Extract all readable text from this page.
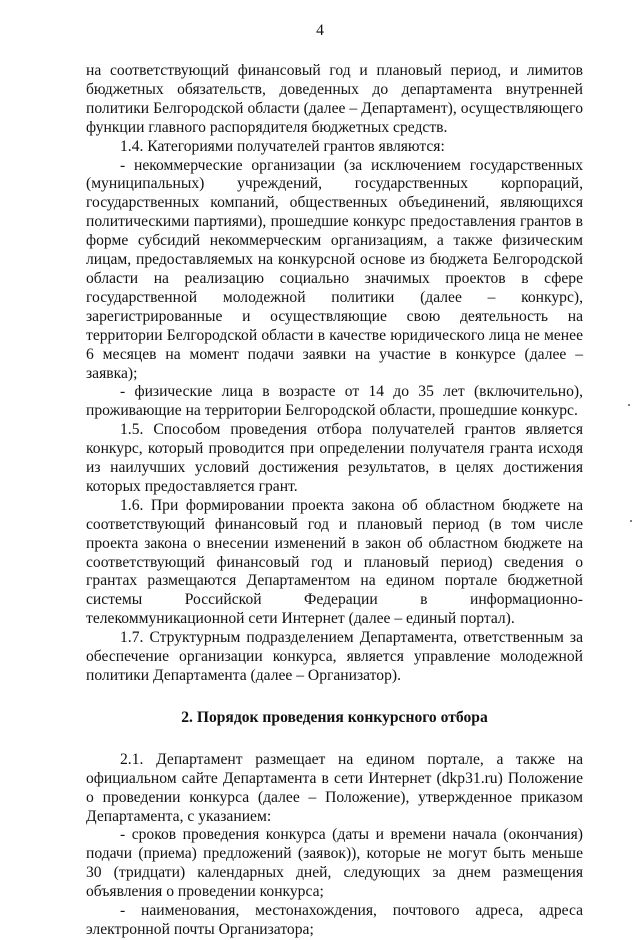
4

на соответствующий финансовый год и плановый период, и лимитов бюджетных обязательств, доведенных до департамента внутренней политики Белгородской области (далее – Департамент), осуществляющего функции главного распорядителя бюджетных средств.

1.4. Категориями получателей грантов являются:

- некоммерческие организации (за исключением государственных (муниципальных) учреждений, государственных корпораций, государственных компаний, общественных объединений, являющихся политическими партиями), прошедшие конкурс предоставления грантов в форме субсидий некоммерческим организациям, а также физическим лицам, предоставляемых на конкурсной основе из бюджета Белгородской области на реализацию социально значимых проектов в сфере государственной молодежной политики (далее – конкурс), зарегистрированные и осуществляющие свою деятельность на территории Белгородской области в качестве юридического лица не менее 6 месяцев на момент подачи заявки на участие в конкурсе (далее – заявка);

- физические лица в возрасте от 14 до 35 лет (включительно), проживающие на территории Белгородской области, прошедшие конкурс.

1.5. Способом проведения отбора получателей грантов является конкурс, который проводится при определении получателя гранта исходя из наилучших условий достижения результатов, в целях достижения которых предоставляется грант.

1.6. При формировании проекта закона об областном бюджете на соответствующий финансовый год и плановый период (в том числе проекта закона о внесении изменений в закон об областном бюджете на соответствующий финансовый год и плановый период) сведения о грантах размещаются Департаментом на едином портале бюджетной системы Российской Федерации в информационно-телекоммуникационной сети Интернет (далее – единый портал).

1.7. Структурным подразделением Департамента, ответственным за обеспечение организации конкурса, является управление молодежной политики Департамента (далее – Организатор).

2. Порядок проведения конкурсного отбора

2.1. Департамент размещает на едином портале, а также на официальном сайте Департамента в сети Интернет (dkp31.ru) Положение о проведении конкурса (далее – Положение), утвержденное приказом Департамента, с указанием:

- сроков проведения конкурса (даты и времени начала (окончания) подачи (приема) предложений (заявок)), которые не могут быть меньше 30 (тридцати) календарных дней, следующих за днем размещения объявления о проведении конкурса;

- наименования, местонахождения, почтового адреса, адреса электронной почты Организатора;
